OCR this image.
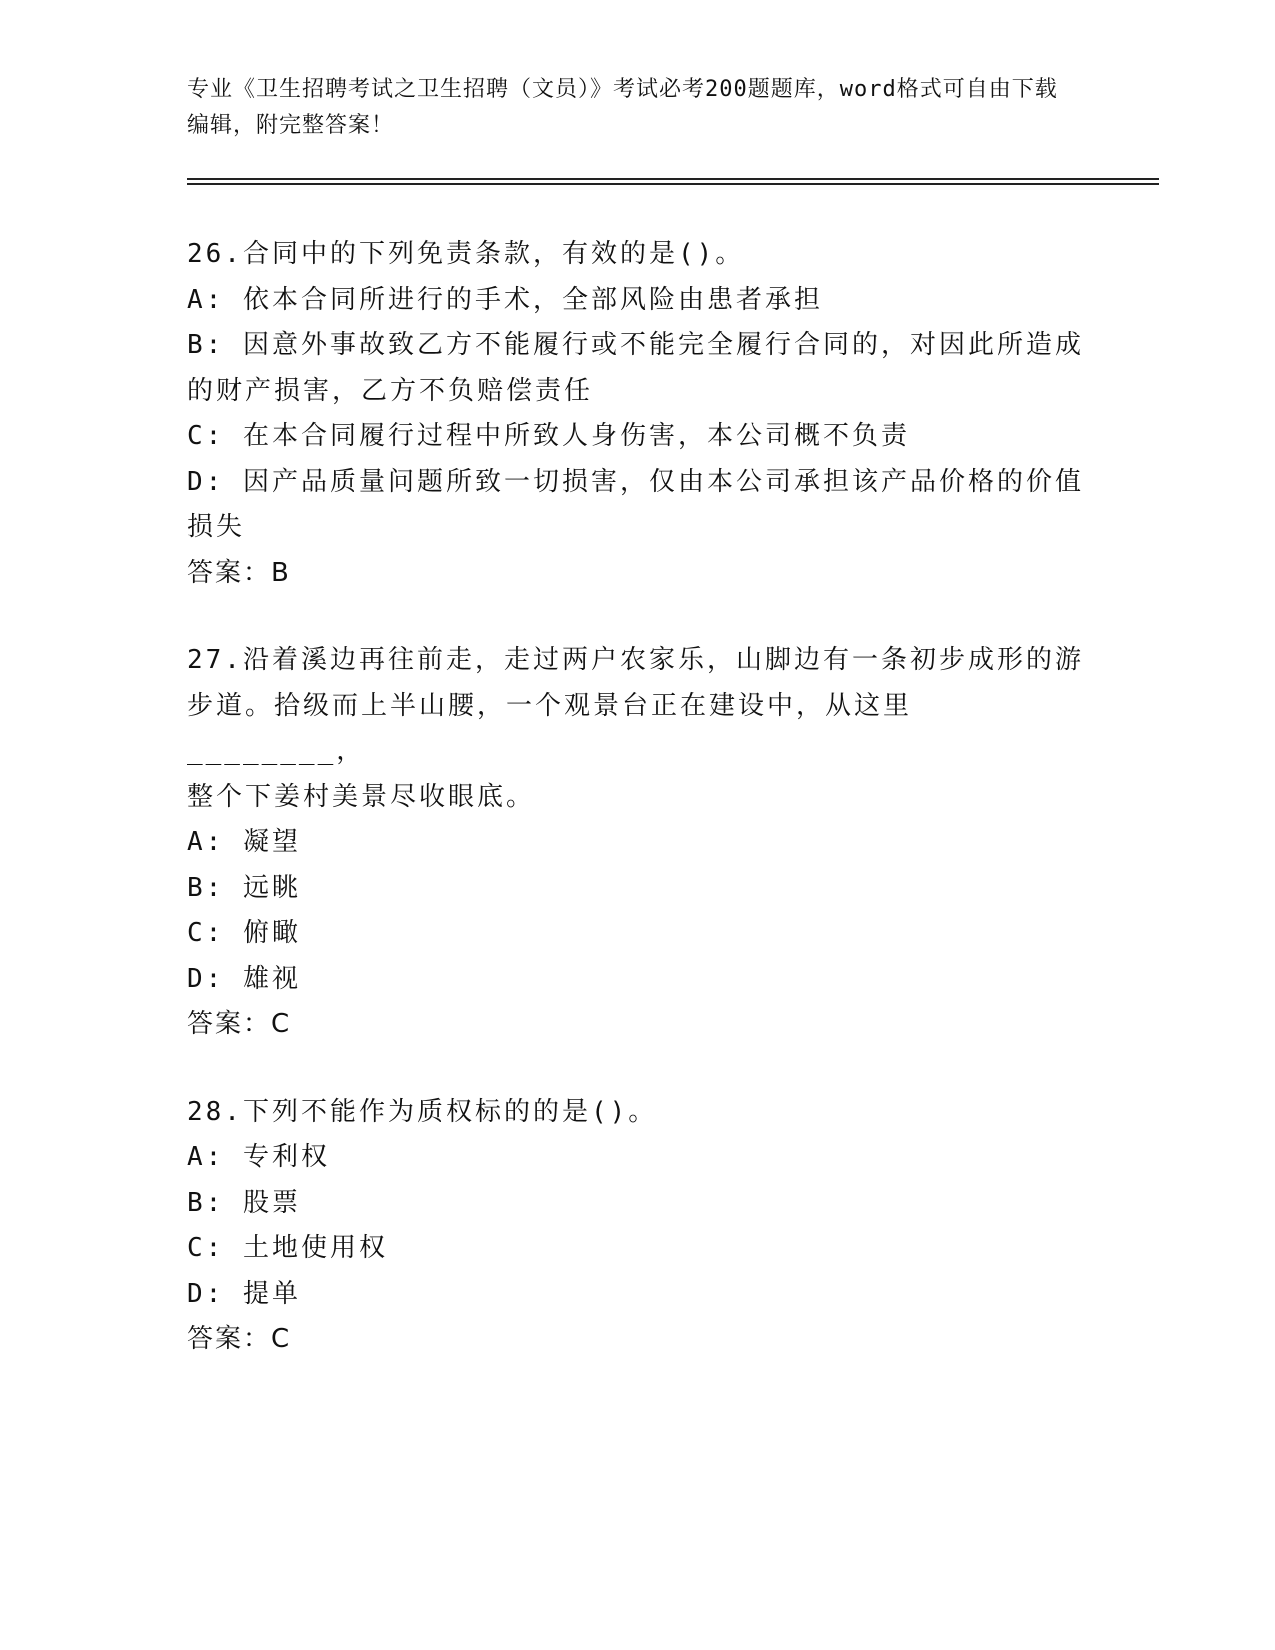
专业《卫生招聘考试之卫生招聘（文员）》考试必考200题题库，word格式可自由下载编辑，附完整答案！
26.合同中的下列免责条款，有效的是()。
A: 依本合同所进行的手术，全部风险由患者承担
B: 因意外事故致乙方不能履行或不能完全履行合同的，对因此所造成
的财产损害，乙方不负赔偿责任
C: 在本合同履行过程中所致人身伤害，本公司概不负责
D: 因产品质量问题所致一切损害，仅由本公司承担该产品价格的价值
损失
答案：B
27.沿着溪边再往前走，走过两户农家乐，山脚边有一条初步成形的游
步道。拾级而上半山腰，一个观景台正在建设中，从这里________，
整个下姜村美景尽收眼底。
A: 凝望
B: 远眺
C: 俯瞰
D: 雄视
答案：C
28.下列不能作为质权标的的是()。
A: 专利权
B: 股票
C: 土地使用权
D: 提单
答案：C
